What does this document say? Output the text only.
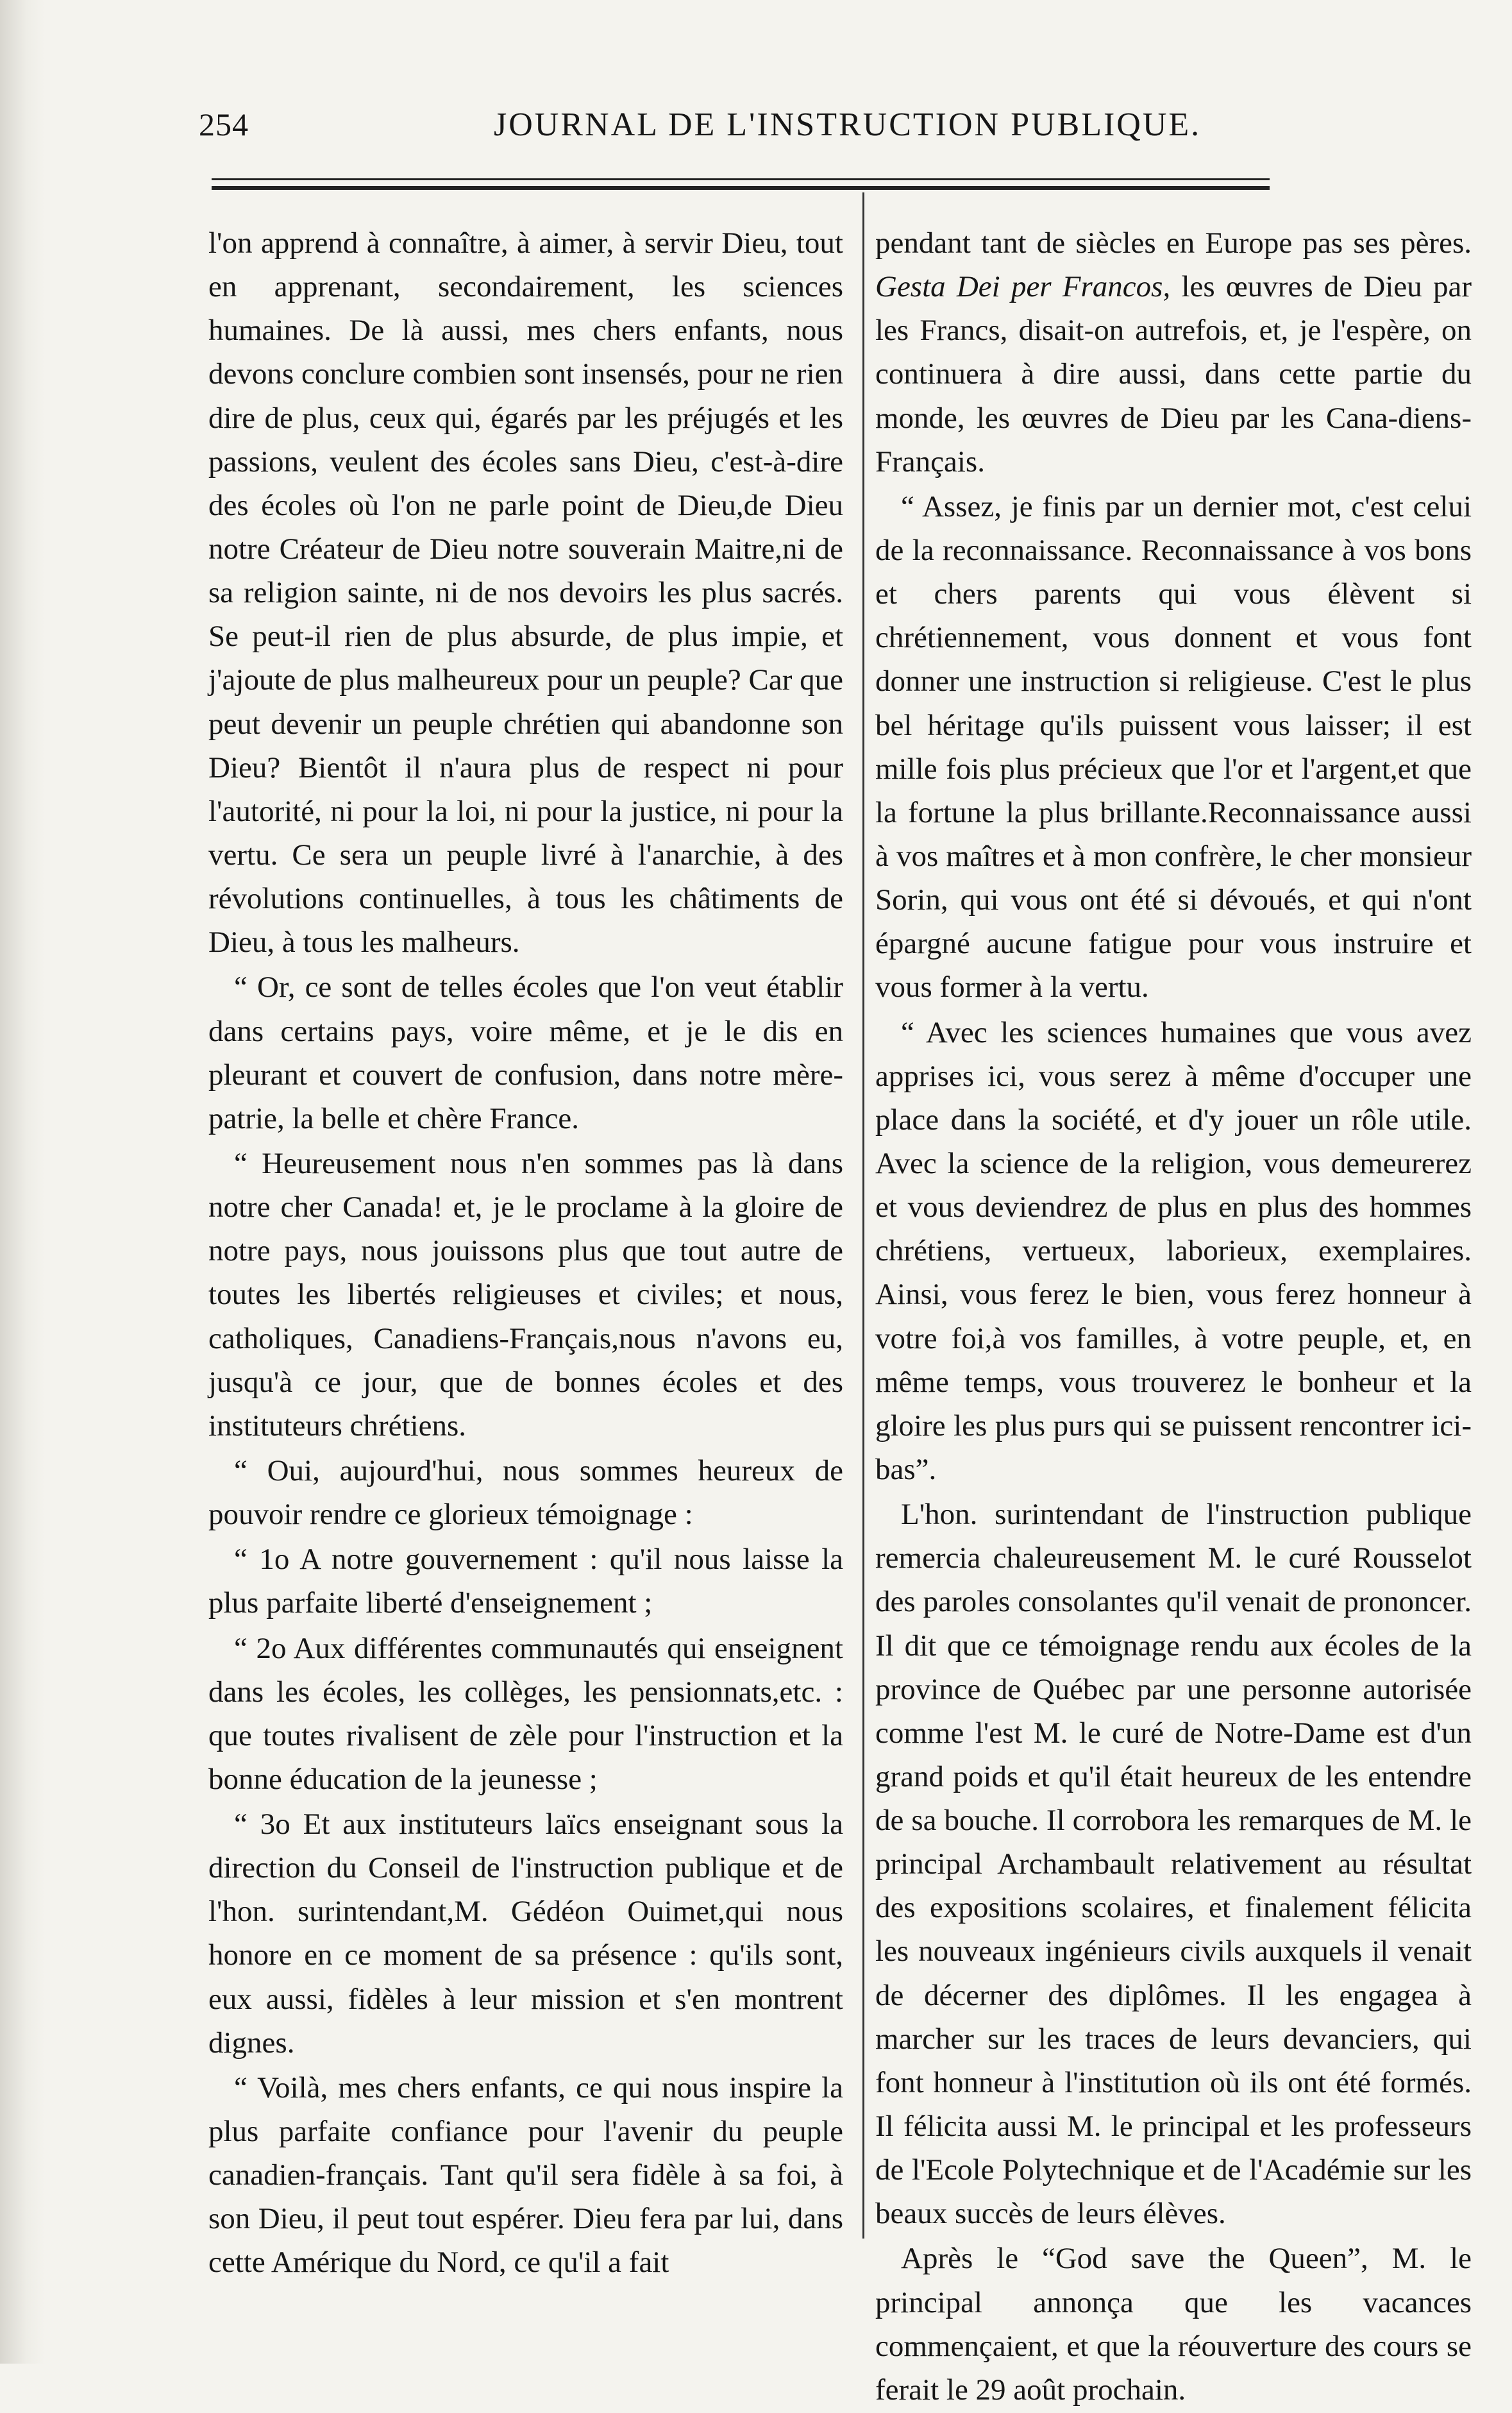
254	JOURNAL DE L'INSTRUCTION PUBLIQUE.

l'on apprend à connaître, à aimer, à servir Dieu, tout en apprenant, secondairement, les sciences humaines. De là aussi, mes chers enfants, nous devons conclure combien sont insensés, pour ne rien dire de plus, ceux qui, égarés par les préjugés et les passions, veulent des écoles sans Dieu, c'est-à-dire des écoles où l'on ne parle point de Dieu,de Dieu notre Créateur de Dieu notre souverain Maitre,ni de sa religion sainte, ni de nos devoirs les plus sacrés. Se peut-il rien de plus absurde, de plus impie, et j'ajoute de plus malheureux pour un peuple? Car que peut devenir un peuple chrétien qui abandonne son Dieu? Bientôt il n'aura plus de respect ni pour l'autorité, ni pour la loi, ni pour la justice, ni pour la vertu. Ce sera un peuple livré à l'anarchie, à des révolutions continuelles, à tous les châtiments de Dieu, à tous les malheurs.

“ Or, ce sont de telles écoles que l'on veut établir dans certains pays, voire même, et je le dis en pleurant et couvert de confusion, dans notre mère-patrie, la belle et chère France.

“ Heureusement nous n'en sommes pas là dans notre cher Canada! et, je le proclame à la gloire de notre pays, nous jouissons plus que tout autre de toutes les libertés religieuses et civiles; et nous, catholiques, Canadiens-Français,nous n'avons eu, jusqu'à ce jour, que de bonnes écoles et des instituteurs chrétiens.

“ Oui, aujourd'hui, nous sommes heureux de pouvoir rendre ce glorieux témoignage :

“ 1o A notre gouvernement : qu'il nous laisse la plus parfaite liberté d'enseignement ;

“ 2o Aux différentes communautés qui enseignent dans les écoles, les collèges, les pensionnats,etc. : que toutes rivalisent de zèle pour l'instruction et la bonne éducation de la jeunesse ;

“ 3o Et aux instituteurs laïcs enseignant sous la direction du Conseil de l'instruction publique et de l'hon. surintendant,M. Gédéon Ouimet,qui nous honore en ce moment de sa présence : qu'ils sont, eux aussi, fidèles à leur mission et s'en montrent dignes.

“ Voilà, mes chers enfants, ce qui nous inspire la plus parfaite confiance pour l'avenir du peuple canadien-français. Tant qu'il sera fidèle à sa foi, à son Dieu, il peut tout espérer. Dieu fera par lui, dans cette Amérique du Nord, ce qu'il a fait

pendant tant de siècles en Europe pas ses pères. Gesta Dei per Francos, les œuvres de Dieu par les Francs, disait-on autrefois, et, je l'espère, on continuera à dire aussi, dans cette partie du monde, les œuvres de Dieu par les Cana-diens-Français.

“ Assez, je finis par un dernier mot, c'est celui de la reconnaissance. Reconnaissance à vos bons et chers parents qui vous élèvent si chrétiennement, vous donnent et vous font donner une instruction si religieuse. C'est le plus bel héritage qu'ils puissent vous laisser; il est mille fois plus précieux que l'or et l'argent,et que la fortune la plus brillante.Reconnaissance aussi à vos maîtres et à mon confrère, le cher monsieur Sorin, qui vous ont été si dévoués, et qui n'ont épargné aucune fatigue pour vous instruire et vous former à la vertu.

“ Avec les sciences humaines que vous avez apprises ici, vous serez à même d'occuper une place dans la société, et d'y jouer un rôle utile. Avec la science de la religion, vous demeurerez et vous deviendrez de plus en plus des hommes chrétiens, vertueux, laborieux, exemplaires. Ainsi, vous ferez le bien, vous ferez honneur à votre foi,à vos familles, à votre peuple, et, en même temps, vous trouverez le bonheur et la gloire les plus purs qui se puissent rencontrer ici-bas”.

L'hon. surintendant de l'instruction publique remercia chaleureusement M. le curé Rousselot des paroles consolantes qu'il venait de prononcer. Il dit que ce témoignage rendu aux écoles de la province de Québec par une personne autorisée comme l'est M. le curé de Notre-Dame est d'un grand poids et qu'il était heureux de les entendre de sa bouche. Il corrobora les remarques de M. le principal Archambault relativement au résultat des expositions scolaires, et finalement félicita les nouveaux ingénieurs civils auxquels il venait de décerner des diplômes. Il les engagea à marcher sur les traces de leurs devanciers, qui font honneur à l'institution où ils ont été formés. Il félicita aussi M. le principal et les professeurs de l'Ecole Polytechnique et de l'Académie sur les beaux succès de leurs élèves.

Après le “God save the Queen”, M. le principal annonça que les vacances commençaient, et que la réouverture des cours se ferait le 29 août prochain.
